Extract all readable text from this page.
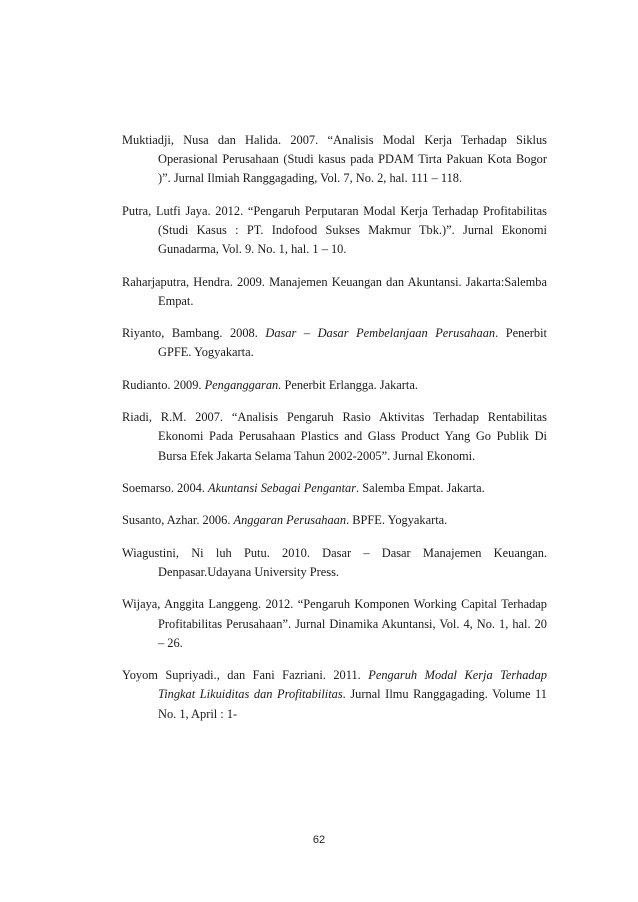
Muktiadji, Nusa dan Halida. 2007. “Analisis Modal Kerja Terhadap Siklus Operasional Perusahaan (Studi kasus pada PDAM Tirta Pakuan Kota Bogor )”. Jurnal Ilmiah Ranggagading, Vol. 7, No. 2, hal. 111 – 118.

Putra, Lutfi Jaya. 2012. “Pengaruh Perputaran Modal Kerja Terhadap Profitabilitas (Studi Kasus : PT. Indofood Sukses Makmur Tbk.)”. Jurnal Ekonomi Gunadarma, Vol. 9. No. 1, hal. 1 – 10.

Raharjaputra, Hendra. 2009. Manajemen Keuangan dan Akuntansi. Jakarta:Salemba Empat.

Riyanto, Bambang. 2008. Dasar – Dasar Pembelanjaan Perusahaan. Penerbit GPFE. Yogyakarta.

Rudianto. 2009. Penganggaran. Penerbit Erlangga. Jakarta.

Riadi, R.M. 2007. “Analisis Pengaruh Rasio Aktivitas Terhadap Rentabilitas Ekonomi Pada Perusahaan Plastics and Glass Product Yang Go Publik Di Bursa Efek Jakarta Selama Tahun 2002-2005”. Jurnal Ekonomi.

Soemarso. 2004. Akuntansi Sebagai Pengantar. Salemba Empat. Jakarta.

Susanto, Azhar. 2006. Anggaran Perusahaan. BPFE. Yogyakarta.

Wiagustini, Ni luh Putu. 2010. Dasar – Dasar Manajemen Keuangan. Denpasar.Udayana University Press.

Wijaya, Anggita Langgeng. 2012. “Pengaruh Komponen Working Capital Terhadap Profitabilitas Perusahaan”. Jurnal Dinamika Akuntansi, Vol. 4, No. 1, hal. 20 – 26.

Yoyom Supriyadi., dan Fani Fazriani. 2011. Pengaruh Modal Kerja Terhadap Tingkat Likuiditas dan Profitabilitas. Jurnal Ilmu Ranggagading. Volume 11 No. 1, April : 1-

62
